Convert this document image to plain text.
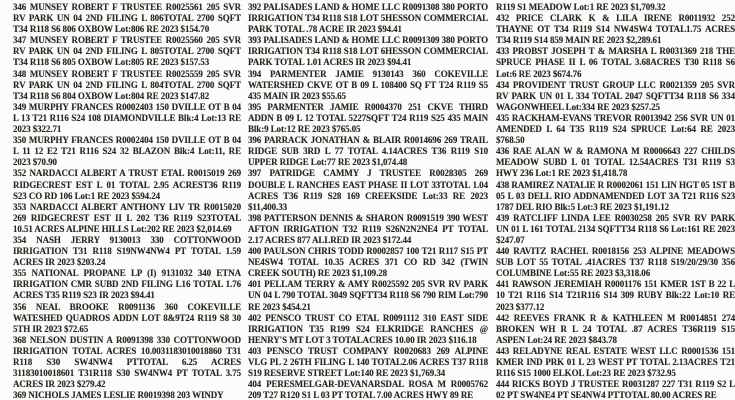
346 MUNSEY ROBERT F TRUSTEE R0025561 205 SVR RV PARK UN 04 2ND FILING L 806TOTAL 2700 SQFT T34 R118 S6 806 OXBOW Lot:806 RE 2023 $154.70

347 MUNSEY ROBERT F TRUSTEE R0025560 205 SVR RV PARK UN 04 2ND FILING L 805TOTAL 2700 SQFT T34 R118 S6 805 OXBOW Lot:805 RE 2023 $157.53

348 MUNSEY ROBERT F TRUSTEE R0025559 205 SVR RV PARK UN 04 2ND FILING L 804TOTAL 2700 SQFT T34 R118 S6 804 OXBOW Lot:804 RE 2023 $147.82

349 MURPHY FRANCES R0002403 150 DVILLE OT B 04 L 13 T21 R116 S24 108 DIAMONDVILLE Blk:4 Lot:13 RE 2023 $322.71

350 MURPHY FRANCES R0002404 150 DVILLE OT B 04 L 11 12 E2 T21 R116 S24 32 BLAZON Blk:4 Lot:11, RE 2023 $70.90

352 NARDACCI ALBERT A TRUST ETAL R0015019 269 RIDGECREST EST L 01 TOTAL 2.95 ACREST36 R119 S23 CO RD 106 Lot:1 RE 2023 $594.24

353 NARDACCI ALBERT ANTHONY LIV TR R0015020 269 RIDGECREST EST II L 202 T36 R119 S23TOTAL 10.51 ACRES ALPINE HILLS Lot:202 RE 2023 $2,014.69

354 NASH JERRY 9130013 330 COTTONWOOD IRRIGATION T31 R118 S19NW4NW4 PT TOTAL 1.59 ACRES IR 2023 $203.24

355 NATIONAL PROPANE LP (I) 9131032 340 ETNA IRRIGATION CMR SUBD 2ND FILING L16 TOTAL 1.76 ACRES T35 R119 S23 IR 2023 $94.41

356 NEAL BROOKE R0091136 360 COKEVILLE WATESHED QUADROS ADDN LOT 8&9T24 R119 S8 30 5TH IR 2023 $72.65

368 NELSON DUSTIN A R0091398 330 COTTONWOOD IRRIGATION TOTAL ACRES 10.0031183010018860 T31 R118 S30 SW4NW4 PTTOTAL 6.25 ACRES 31183010018601 T31R118 S30 SW4NW4 PT TOTAL 3.75 ACRES IR 2023 $279.42

369 NICHOLS JAMES LESLIE R0019398 203 WINDY

392 PALISADES LAND & HOME LLC R0091308 380 PORTO IRRIGATION T34 R118 S18 LOT 5HESSON COMMERCIAL PARK TOTAL .78 ACRE IR 2023 $94.41

393 PALISADES LAND & HOME LLC R0091309 380 PORTO IRRIGATION T34 R118 S18 LOT 6HESSON COMMERCIAL PARK TOTAL 1.01 ACRES IR 2023 $94.41

394 PARMENTER JAMIE 9130143 360 COKEVILLE WATERSHED CKVE OT B 09 L 108400 SQ FT T24 R119 S5 435 MAIN IR 2023 $55.65

395 PARMENTER JAMIE R0004370 251 CKVE THIRD ADDN B 09 L 12 TOTAL 5227SQFT T24 R119 S25 435 MAIN Blk:9 Lot:12 RE 2023 $765.05

396 PARRACK JONATHAN & BLAIR R0014696 269 TRAIL RIDGE SUB 3RD L 77 TOTAL 4.14ACRES T36 R119 S10 UPPER RIDGE Lot:77 RE 2023 $1,074.48

397 PATRIDGE CAMMY J TRUSTEE R0028305 269 DOUBLE L RANCHES EAST PHASE II LOT 33TOTAL 1.04 ACRES T36 R119 S28 169 CREEKSIDE Lot:33 RE 2023 $11,400.33

398 PATTERSON DENNIS & SHARON R0091519 390 WEST AFTON IRRIGATION T32 R119 S26N2N2NE4 PT TOTAL 2.17 ACRES 877 ALLRED IR 2023 $172.44

400 PAULSON CHRIS TODD R0002857 100 T21 R117 S15 PT NE4SW4 TOTAL 10.35 ACRES 371 CO RD 342 (TWIN CREEK SOUTH) RE 2023 $1,109.28

401 PELLAM TERRY & AMY R0025592 205 SVR RV PARK UN 04 L 790 TOTAL 3049 SQFTT34 R118 S6 790 RIM Lot:790 RE 2023 $454.21

402 PENSCO TRUST CO ETAL R0091112 310 EAST SIDE IRRIGATION T35 R199 S24 ELKRIDGE RANCHES @ HENRY'S MT LOT 3 TOTALACRES 10.00 IR 2023 $116.18

403 PENSCO TRUST COMPANY R0020683 269 ALPINE VLG PL 2 26TH FILING L 140 TOTAL2.06 ACRES T37 R118 S19 RESERVE STREET Lot:140 RE 2023 $1,769.34

404 PERESMELGAR-DEVANARSDAL ROSA M R0005762 209 T27 R120 S1 L 03 PT TOTAL 7.00 ACRES HWY 89 RE

R119 S1 MEADOW Lot:1 RE 2023 $1,709.32

432 PRICE CLARK K & LILA IRENE R0011932 252 THAYNE OT T34 R119 S14 NW4SW4 TOTAL1.75 ACRES T34 R119 S14 859 MAIN RE 2023 $2,289.61

433 PROBST JOSEPH T & MARSHA L R0031369 218 THE SPRUCE PHASE II L 06 TOTAL 3.68ACRES T30 R118 S6 Lot:6 RE 2023 $674.76

434 PROVIDENT TRUST GROUP LLC R0021359 205 SVR RV PARK UN 01 L 334 TOTAL 2047 SQFTT34 R118 S6 334 WAGONWHEEL Lot:334 RE 2023 $257.25

435 RACKHAM-EVANS TREVOR R0013942 256 SVR UN 01 AMENDED L 64 T35 R119 S24 SPRUCE Lot:64 RE 2023 $768.50

436 RAE ALAN W & RAMONA M R0006643 227 CHILDS MEADOW SUBD L 01 TOTAL 12.54ACRES T31 R119 S3 HWY 236 Lot:1 RE 2023 $1,418.78

438 RAMIREZ NATALIE R R0002061 151 LIN HGT 05 1ST B 05 L 03 DELL RIO ADDNAMENDED LOT 3A T21 R116 S23 1787 DEL RIO Blk:5 Lot:3 RE 2023 $1,191.12

439 RATCLIFF LINDA LEE R0030258 205 SVR RV PARK UN 01 L 161 TOTAL 2134 SQFTT34 R118 S6 Lot:161 RE 2023 $247.07

440 RAVITZ RACHEL R0018156 253 ALPINE MEADOWS SUB LOT 55 TOTAL .41ACRES T37 R118 S19/20/29/30 356 COLUMBINE Lot:55 RE 2023 $3,318.06

441 RAWSON JEREMIAH R0001176 151 KMER 1ST B 22 L 10 T21 R116 S14 T21R116 S14 309 RUBY Blk:22 Lot:10 RE 2023 $377.12

442 REEVES FRANK R & KATHLEEN M R0014851 274 BROKEN WH R L 24 TOTAL .87 ACRES T36R119 S15 ASPEN Lot:24 RE 2023 $843.78

443 RELADYNE REAL ESTATE WEST LLC R0001536 151 KMER IND PRK 01 L 23 WEST PT TOTAL 2.13ACRES T21 R116 S15 1000 ELKOL Lot:23 RE 2023 $732.95

444 RICKS BOYD J TRUSTEE R0031287 227 T31 R119 S2 L 02 PT SW4NE4 PT SE4NW4 PTTOTAL 80.00 ACRES RE
